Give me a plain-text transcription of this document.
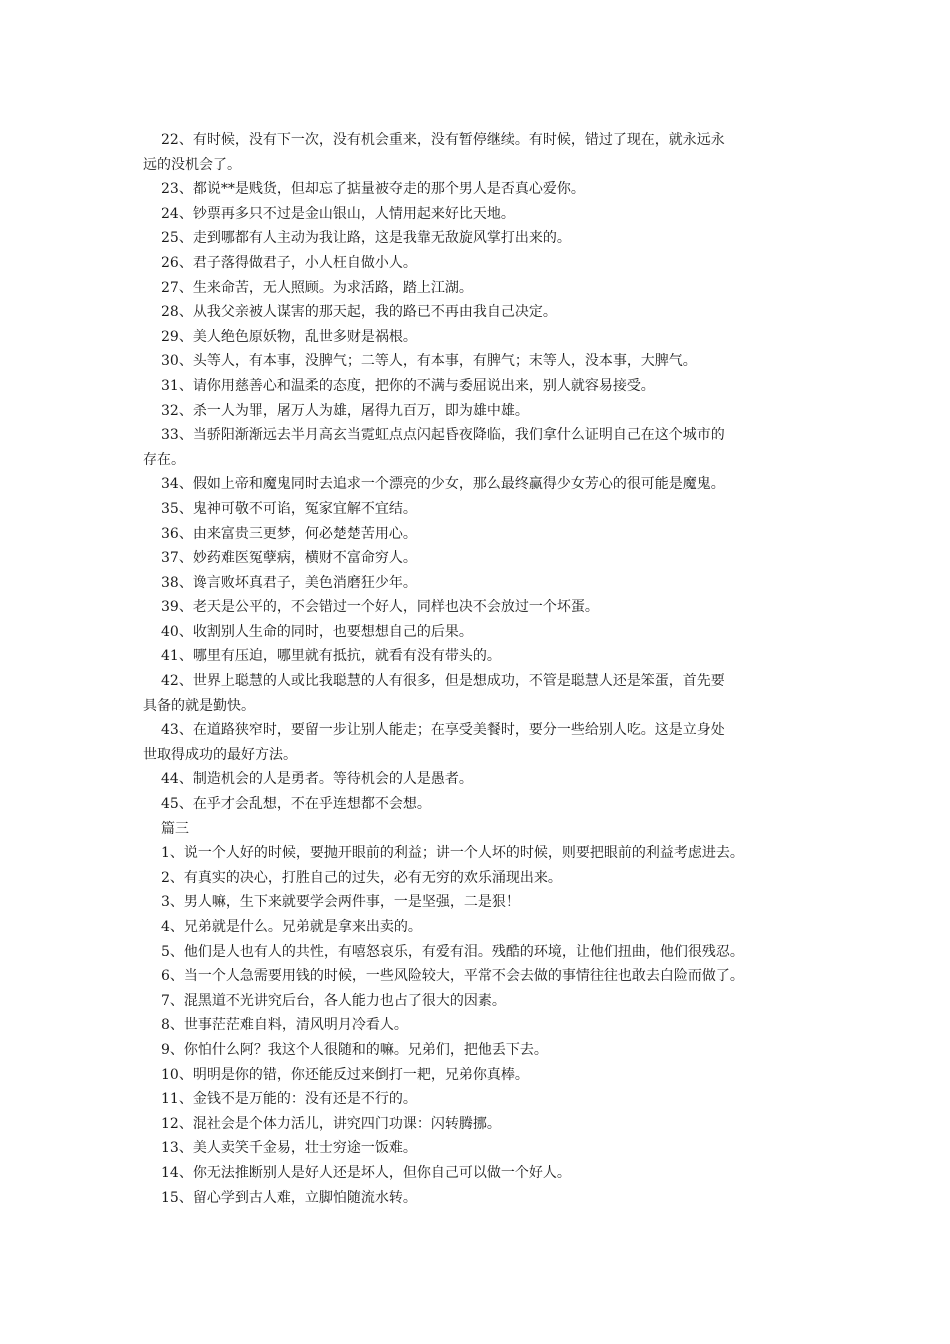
22、有时候，没有下一次，没有机会重来，没有暂停继续。有时候，错过了现在，就永远永
远的没机会了。
23、都说**是贱货，但却忘了掂量被夺走的那个男人是否真心爱你。
24、钞票再多只不过是金山银山，人情用起来好比天地。
25、走到哪都有人主动为我让路，这是我靠无敌旋风掌打出来的。
26、君子落得做君子，小人枉自做小人。
27、生来命苦，无人照顾。为求活路，踏上江湖。
28、从我父亲被人谋害的那天起，我的路已不再由我自己决定。
29、美人绝色原妖物，乱世多财是祸根。
30、头等人，有本事，没脾气；二等人，有本事，有脾气；末等人，没本事，大脾气。
31、请你用慈善心和温柔的态度，把你的不满与委屈说出来，别人就容易接受。
32、杀一人为罪，屠万人为雄，屠得九百万，即为雄中雄。
33、当骄阳渐渐远去半月高玄当霓虹点点闪起昏夜降临，我们拿什么证明自己在这个城市的
存在。
34、假如上帝和魔鬼同时去追求一个漂亮的少女，那么最终赢得少女芳心的很可能是魔鬼。
35、鬼神可敬不可谄，冤家宜解不宜结。
36、由来富贵三更梦，何必楚楚苦用心。
37、妙药难医冤孽病，横财不富命穷人。
38、谗言败坏真君子，美色消磨狂少年。
39、老天是公平的，不会错过一个好人，同样也决不会放过一个坏蛋。
40、收割别人生命的同时，也要想想自己的后果。
41、哪里有压迫，哪里就有抵抗，就看有没有带头的。
42、世界上聪慧的人或比我聪慧的人有很多，但是想成功，不管是聪慧人还是笨蛋，首先要
具备的就是勤快。
43、在道路狭窄时，要留一步让别人能走；在享受美餐时，要分一些给别人吃。这是立身处
世取得成功的最好方法。
44、制造机会的人是勇者。等待机会的人是愚者。
45、在乎才会乱想，不在乎连想都不会想。
篇三
1、说一个人好的时候，要抛开眼前的利益；讲一个人坏的时候，则要把眼前的利益考虑进去。
2、有真实的决心，打胜自己的过失，必有无穷的欢乐涌现出来。
3、男人嘛，生下来就要学会两件事，一是坚强，二是狠！
4、兄弟就是什么。兄弟就是拿来出卖的。
5、他们是人也有人的共性，有嘻怒哀乐，有爱有泪。残酷的环境，让他们扭曲，他们很残忍。
6、当一个人急需要用钱的时候，一些风险较大，平常不会去做的事情往往也敢去白险而做了。
7、混黑道不光讲究后台，各人能力也占了很大的因素。
8、世事茫茫难自料，清风明月冷看人。
9、你怕什么阿？我这个人很随和的嘛。兄弟们，把他丢下去。
10、明明是你的错，你还能反过来倒打一耙，兄弟你真棒。
11、金钱不是万能的：没有还是不行的。
12、混社会是个体力活儿，讲究四门功课：闪转腾挪。
13、美人卖笑千金易，壮士穷途一饭难。
14、你无法推断别人是好人还是坏人，但你自己可以做一个好人。
15、留心学到古人难，立脚怕随流水转。
